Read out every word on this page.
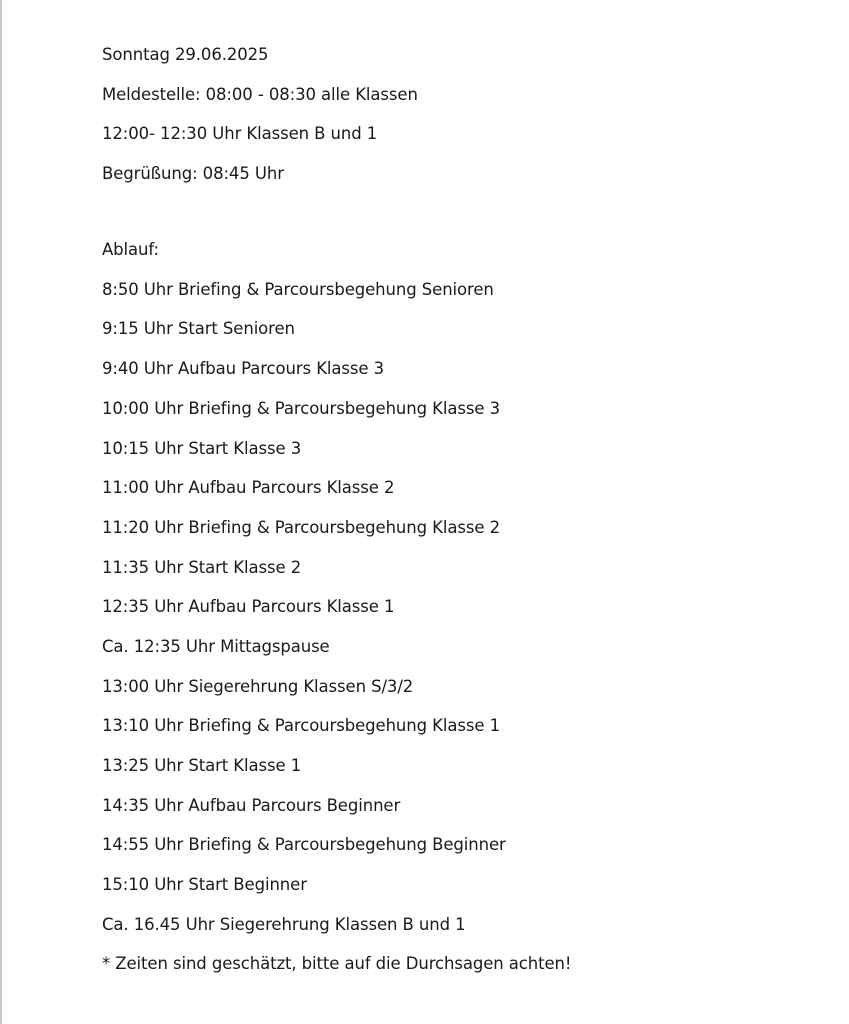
Sonntag 29.06.2025
Meldestelle: 08:00 - 08:30 alle Klassen
12:00- 12:30 Uhr Klassen B und 1
Begrüßung: 08:45 Uhr
Ablauf:
8:50 Uhr Briefing & Parcoursbegehung Senioren
9:15 Uhr Start Senioren
9:40 Uhr Aufbau Parcours Klasse 3
10:00 Uhr Briefing & Parcoursbegehung Klasse 3
10:15 Uhr Start Klasse 3
11:00 Uhr Aufbau Parcours Klasse 2
11:20 Uhr Briefing & Parcoursbegehung Klasse 2
11:35 Uhr Start Klasse 2
12:35 Uhr Aufbau Parcours Klasse 1
Ca. 12:35 Uhr Mittagspause
13:00 Uhr Siegerehrung Klassen S/3/2
13:10 Uhr Briefing & Parcoursbegehung Klasse 1
13:25 Uhr Start Klasse 1
14:35 Uhr Aufbau Parcours Beginner
14:55 Uhr Briefing & Parcoursbegehung Beginner
15:10 Uhr Start Beginner
Ca. 16.45 Uhr Siegerehrung Klassen B und 1
* Zeiten sind geschätzt, bitte auf die Durchsagen achten!
